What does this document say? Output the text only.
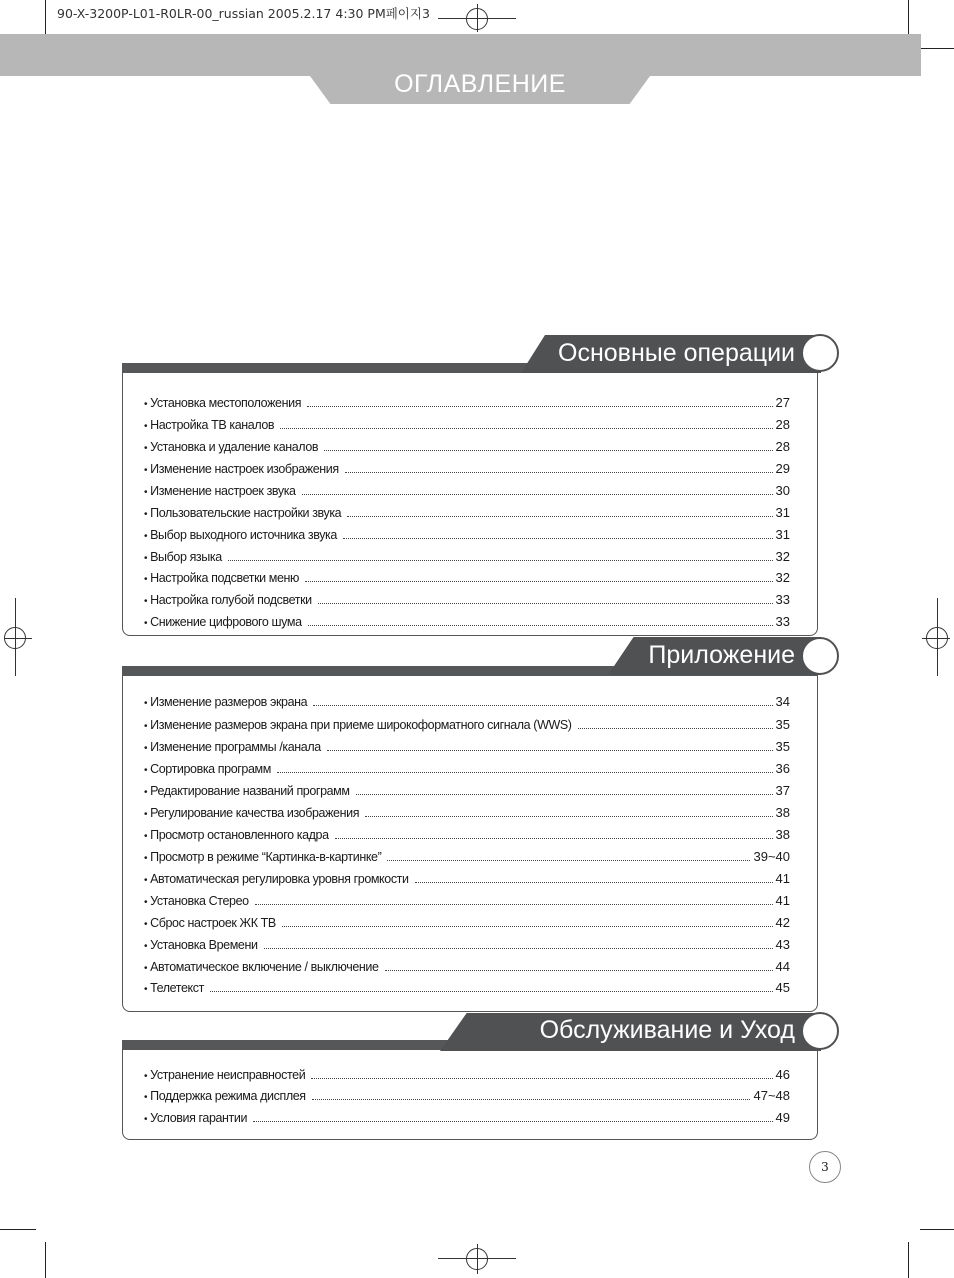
90-X-3200P-L01-R0LR-00_russian 2005.2.17 4:30 PM페이지3
ОГЛАВЛЕНИЕ
Основные операции
• Установка местоположения	27
• Настройка ТВ каналов	28
• Установка и удаление каналов	28
• Изменение настроек изображения	29
• Изменение настроек звука	30
• Пользовательские настройки звука	31
• Выбор выходного источника звука	31
• Выбор языка	32
• Настройка подсветки меню	32
• Настройка голубой подсветки	33
• Снижение цифрового шума	33
Приложение
• Изменение размеров экрана	34
• Изменение размеров экрана при приеме широкоформатного сигнала (WWS)	35
• Изменение программы /канала	35
• Сортировка программ	36
• Редактирование названий программ	37
• Регулирование качества изображения	38
• Просмотр остановленного кадра	38
• Просмотр в режиме “Картинка-в-картинке”	39~40
• Автоматическая регулировка уровня громкости	41
• Установка Стерео	41
• Сброс настроек ЖК ТВ	42
• Установка Времени	43
• Автоматическое включение / выключение	44
• Телетекст	45
Обслуживание и Уход
• Устранение неисправностей	46
• Поддержка режима дисплея	47~48
• Условия гарантии	49
3
